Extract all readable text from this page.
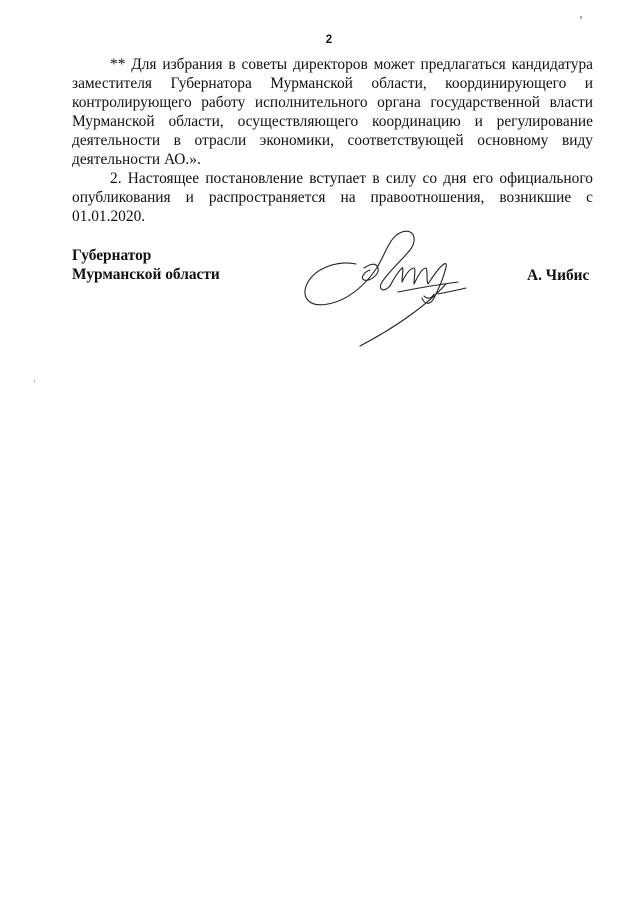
2

** Для избрания в советы директоров может предлагаться кандидатура заместителя Губернатора Мурманской области, координирующего и контролирующего работу исполнительного органа государственной власти Мурманской области, осуществляющего координацию и регулирование деятельности в отрасли экономики, соответствующей основному виду деятельности АО.».

2. Настоящее постановление вступает в силу со дня его официального опубликования и распространяется на правоотношения, возникшие с 01.01.2020.

Губернатор
Мурманской области	А. Чибис
